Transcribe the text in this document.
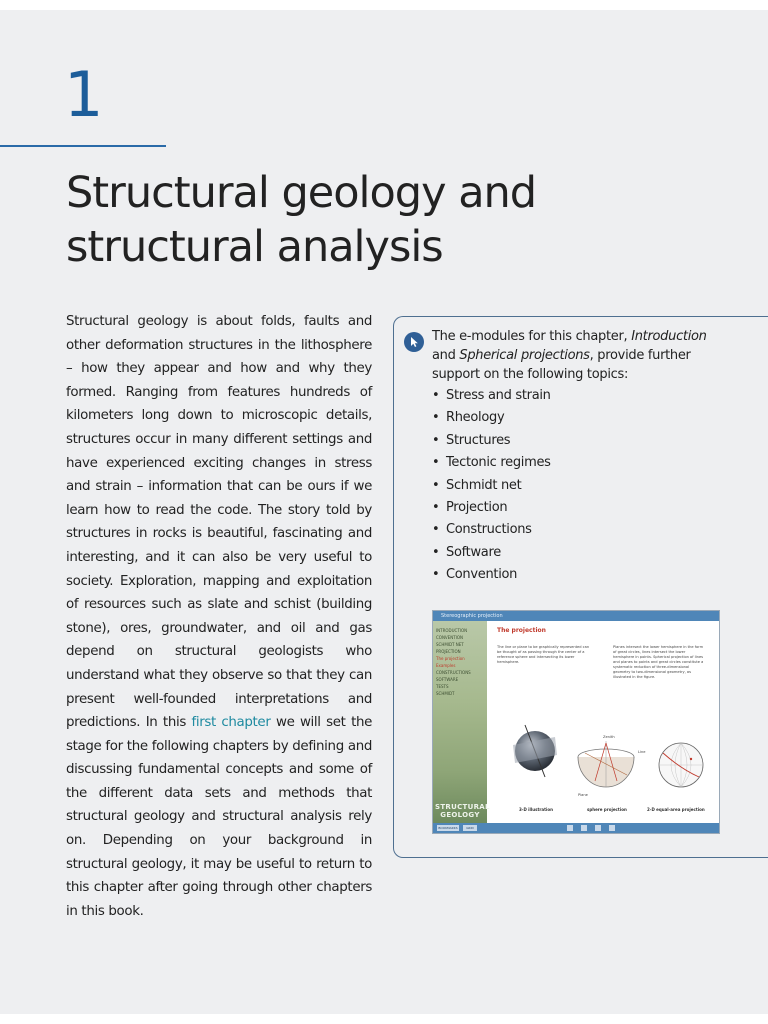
1
Structural geology and structural analysis

Structural geology is about folds, faults and other deformation structures in the lithosphere – how they appear and how and why they formed. Ranging from features hundreds of kilometers long down to microscopic details, structures occur in many different settings and have experienced exciting changes in stress and strain – information that can be ours if we learn how to read the code. The story told by structures in rocks is beautiful, fascinating and interesting, and it can also be very useful to society. Exploration, mapping and exploitation of resources such as slate and schist (building stone), ores, groundwater, and oil and gas depend on structural geologists who understand what they observe so that they can present well-founded interpretations and predictions. In this first chapter we will set the stage for the following chapters by defining and discussing fundamental concepts and some of the different data sets and methods that structural geology and structural analysis rely on. Depending on your background in structural geology, it may be useful to return to this chapter after going through other chapters in this book.

The e-modules for this chapter, Introduction and Spherical projections, provide further support on the following topics:

• Stress and strain
• Rheology
• Structures
• Tectonic regimes
• Schmidt net
• Projection
• Constructions
• Software
• Convention
Stereographic projection
INTRODUCTION
CONVENTION
SCHMIDT NET
PROJECTION
The projection
Examples
CONSTRUCTIONS
SOFTWARE
TESTS
SCHMIDT
STRUCTURAL
GEOLOGY
The projection
The line or plane to be graphically represented can be thought of as passing through the center of a reference sphere and intersecting its lower hemisphere.
Planes intersect the lower hemisphere in the form of great circles, lines intersect the lower hemisphere in points. Spherical projection of lines and planes to points and great circles constitute a systematic reduction of three-dimensional geometry to two-dimensional geometry, as illustrated in the figure.
3-D illustration
Zenith
Line
Plane
sphere projection	2-D equal-area projection
BOOKMARKS	GRID
